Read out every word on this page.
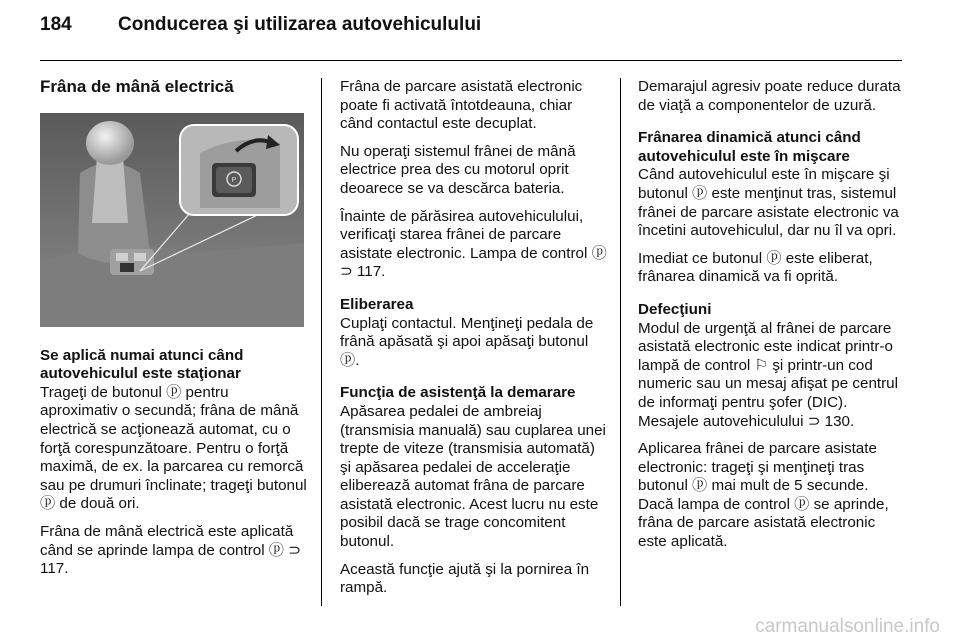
184	Conducerea şi utilizarea autovehiculului
Frâna de mână electrică
P
Se aplică numai atunci când autovehiculul este staţionar

Trageţi de butonul ⓟ pentru aproximativ o secundă; frâna de mână electrică se acţionează automat, cu o forţă corespunzătoare. Pentru o forţă maximă, de ex. la parcarea cu remorcă sau pe drumuri înclinate; trageţi butonul ⓟ de două ori.

Frâna de mână electrică este aplicată când se aprinde lampa de control ⓟ ⊃ 117.

Frâna de parcare asistată electronic poate fi activată întotdeauna, chiar când contactul este decuplat.

Nu operaţi sistemul frânei de mână electrice prea des cu motorul oprit deoarece se va descărca bateria.

Înainte de părăsirea autovehiculului, verificaţi starea frânei de parcare asistate electronic. Lampa de control ⓟ ⊃ 117.

Eliberarea

Cuplaţi contactul. Menţineţi pedala de frână apăsată şi apoi apăsaţi butonul ⓟ.

Funcţia de asistenţă la demarare

Apăsarea pedalei de ambreiaj (transmisia manuală) sau cuplarea unei trepte de viteze (transmisia automată) şi apăsarea pedalei de acceleraţie eliberează automat frâna de parcare asistată electronic. Acest lucru nu este posibil dacă se trage concomitent butonul.

Această funcţie ajută şi la pornirea în rampă.

Demarajul agresiv poate reduce durata de viaţă a componentelor de uzură.

Frânarea dinamică atunci când autovehiculul este în mişcare

Când autovehiculul este în mişcare şi butonul ⓟ este menţinut tras, sistemul frânei de parcare asistate electronic va încetini autovehiculul, dar nu îl va opri.

Imediat ce butonul ⓟ este eliberat, frânarea dinamică va fi oprită.

Defecţiuni

Modul de urgenţă al frânei de parcare asistată electronic este indicat printr-o lampă de control ⚐ şi printr-un cod numeric sau un mesaj afişat pe centrul de informaţi pentru şofer (DIC). Mesajele autovehiculului ⊃ 130.

Aplicarea frânei de parcare asistate electronic: trageţi şi menţineţi tras butonul ⓟ mai mult de 5 secunde. Dacă lampa de control ⓟ se aprinde, frâna de parcare asistată electronic este aplicată.

carmanualsonline.info
